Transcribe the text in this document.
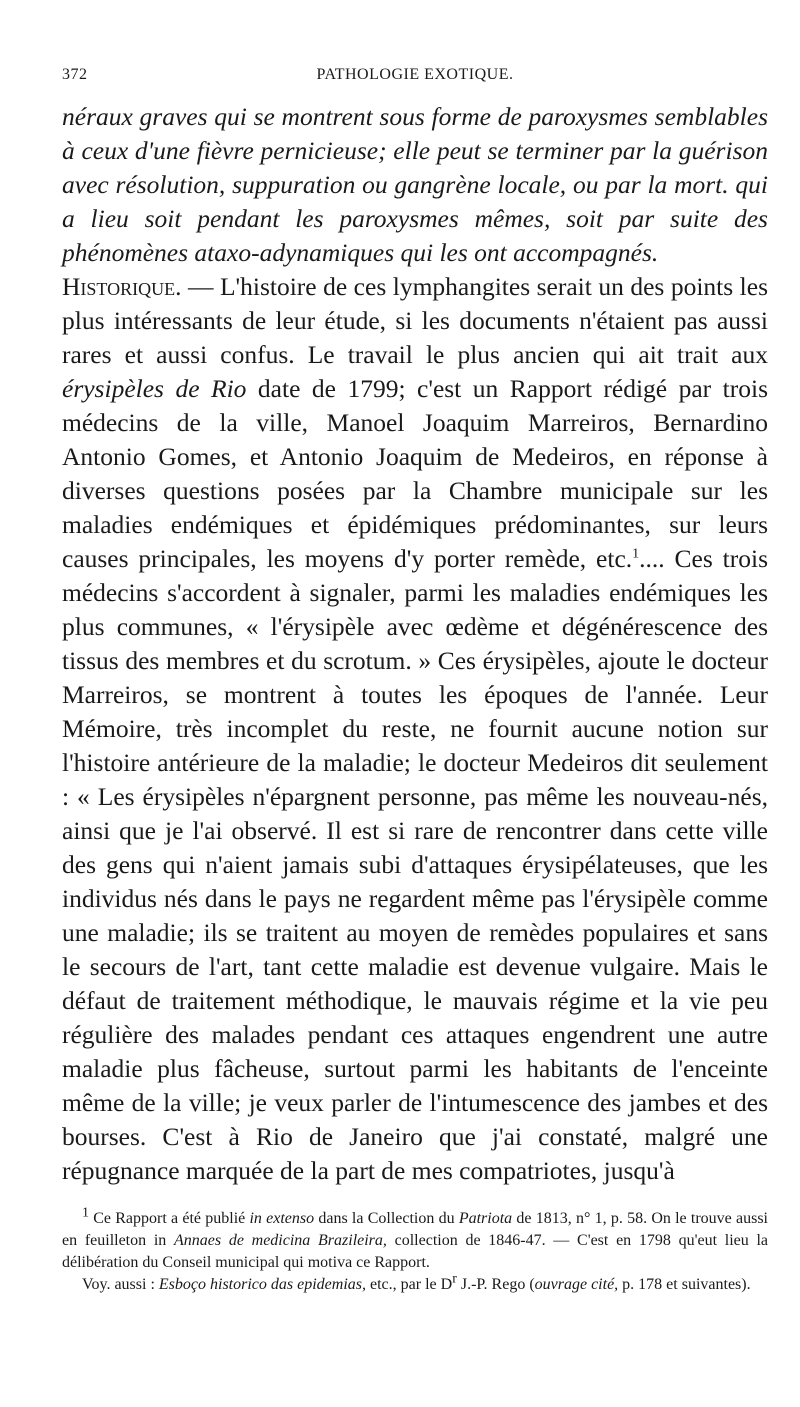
372	PATHOLOGIE EXOTIQUE.

néraux graves qui se montrent sous forme de paroxysmes semblables à ceux d'une fièvre pernicieuse; elle peut se terminer par la guérison avec résolution, suppuration ou gangrène locale, ou par la mort. qui a lieu soit pendant les paroxysmes mêmes, soit par suite des phénomènes ataxo-adynamiques qui les ont accompagnés.

Historique. — L'histoire de ces lymphangites serait un des points les plus intéressants de leur étude, si les documents n'étaient pas aussi rares et aussi confus. Le travail le plus ancien qui ait trait aux érysipèles de Rio date de 1799; c'est un Rapport rédigé par trois médecins de la ville, Manoel Joaquim Marreiros, Bernardino Antonio Gomes, et Antonio Joaquim de Medeiros, en réponse à diverses questions posées par la Chambre municipale sur les maladies endémiques et épidémiques prédominantes, sur leurs causes principales, les moyens d'y porter remède, etc.$^1$.... Ces trois médecins s'accordent à signaler, parmi les maladies endémiques les plus communes, « l'érysipèle avec œdème et dégénérescence des tissus des membres et du scrotum. » Ces érysipèles, ajoute le docteur Marreiros, se montrent à toutes les époques de l'année. Leur Mémoire, très incomplet du reste, ne fournit aucune notion sur l'histoire antérieure de la maladie; le docteur Medeiros dit seulement : « Les érysipèles n'épargnent personne, pas même les nouveau-nés, ainsi que je l'ai observé. Il est si rare de rencontrer dans cette ville des gens qui n'aient jamais subi d'attaques érysipélateuses, que les individus nés dans le pays ne regardent même pas l'érysipèle comme une maladie; ils se traitent au moyen de remèdes populaires et sans le secours de l'art, tant cette maladie est devenue vulgaire. Mais le défaut de traitement méthodique, le mauvais régime et la vie peu régulière des malades pendant ces attaques engendrent une autre maladie plus fâcheuse, surtout parmi les habitants de l'enceinte même de la ville; je veux parler de l'intumescence des jambes et des bourses. C'est à Rio de Janeiro que j'ai constaté, malgré une répugnance marquée de la part de mes compatriotes, jusqu'à

$^1$ Ce Rapport a été publié in extenso dans la Collection du Patriota de 1813, n° 1, p. 58. On le trouve aussi en feuilleton in Annaes de medicina Brazileira, collection de 1846-47. — C'est en 1798 qu'eut lieu la délibération du Conseil municipal qui motiva ce Rapport.

Voy. aussi : Esboço historico das epidemias, etc., par le $D^r$ J.-P. Rego (ouvrage cité, p. 178 et suivantes).
